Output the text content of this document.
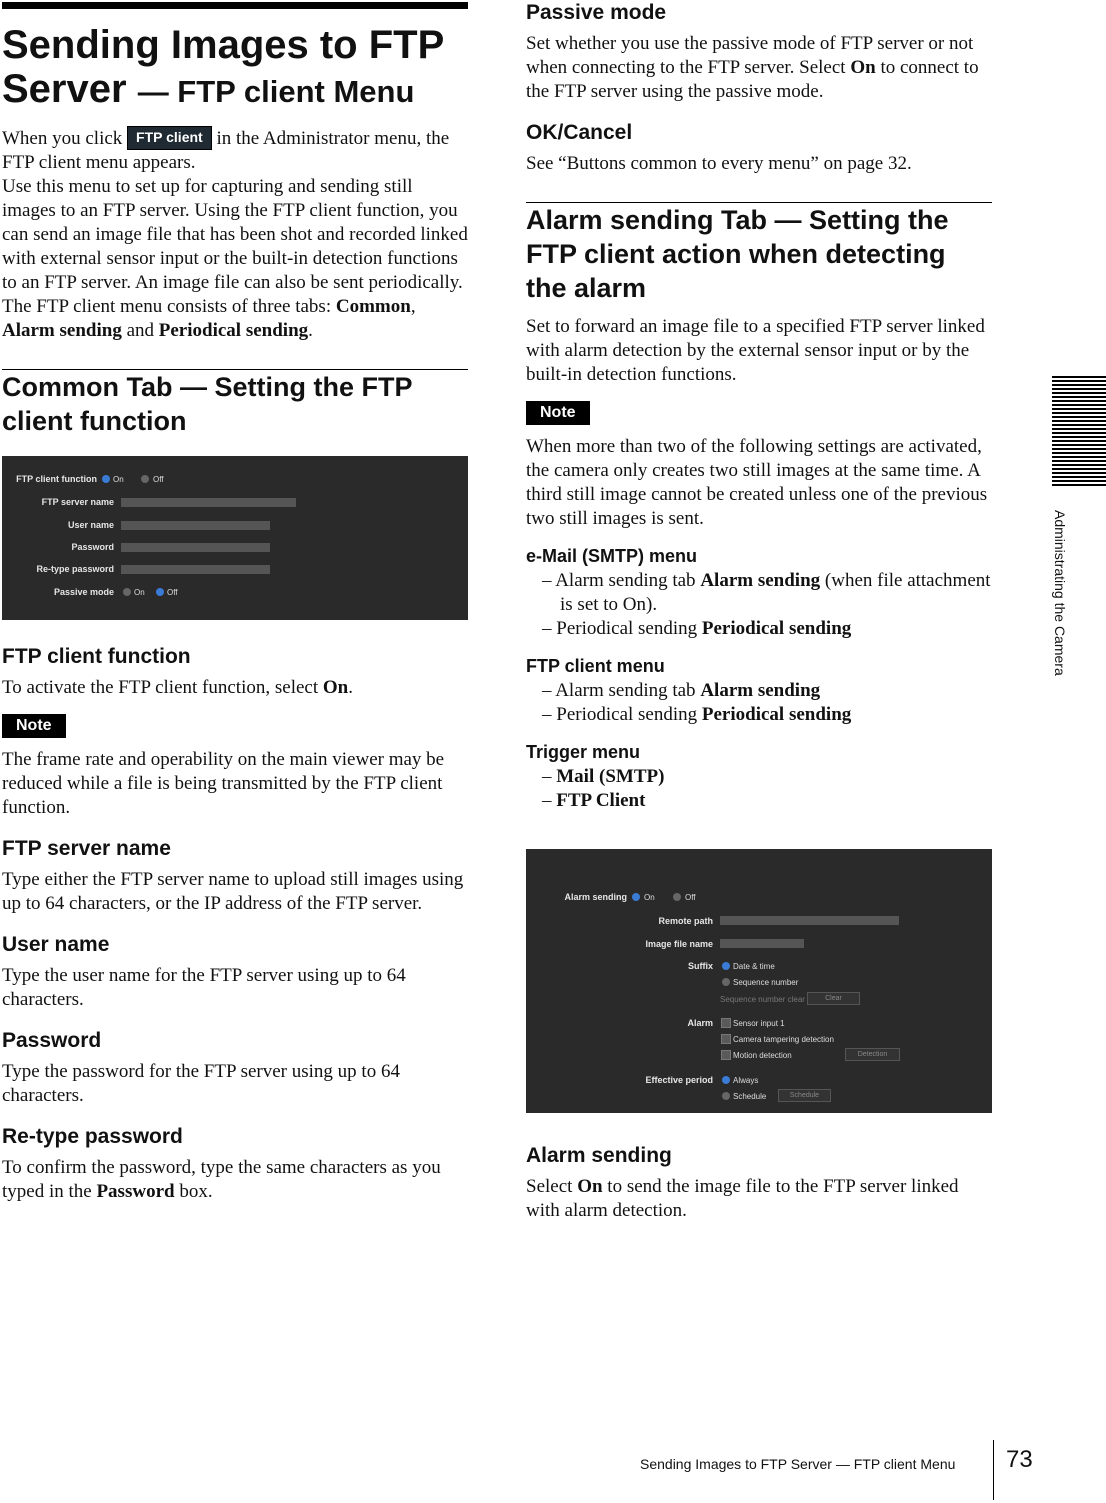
Sending Images to FTP Server — FTP client Menu

When you click FTP client in the Administrator menu, the FTP client menu appears.

Use this menu to set up for capturing and sending still images to an FTP server. Using the FTP client function, you can send an image file that has been shot and recorded linked with external sensor input or the built-in detection functions to an FTP server. An image file can also be sent periodically.

The FTP client menu consists of three tabs: Common, Alarm sending and Periodical sending.

Common Tab — Setting the FTP client function
FTP client function On	Off
FTP server name
User name
Password
Re-type password
Passive mode	On	Off
FTP client function

To activate the FTP client function, select On.

Note

The frame rate and operability on the main viewer may be reduced while a file is being transmitted by the FTP client function.

FTP server name

Type either the FTP server name to upload still images using up to 64 characters, or the IP address of the FTP server.

User name

Type the user name for the FTP server using up to 64 characters.

Password

Type the password for the FTP server using up to 64 characters.

Re-type password

To confirm the password, type the same characters as you typed in the Password box.

Passive mode

Set whether you use the passive mode of FTP server or not when connecting to the FTP server. Select On to connect to the FTP server using the passive mode.

OK/Cancel

See “Buttons common to every menu” on page 32.

Alarm sending Tab — Setting the FTP client action when detecting the alarm

Set to forward an image file to a specified FTP server linked with alarm detection by the external sensor input or by the built-in detection functions.

Note

When more than two of the following settings are activated, the camera only creates two still images at the same time. A third still image cannot be created unless one of the previous two still images is sent.

e-Mail (SMTP) menu
– Alarm sending tab Alarm sending (when file attachment is set to On).
– Periodical sending Periodical sending
FTP client menu
– Alarm sending tab Alarm sending
– Periodical sending Periodical sending
Trigger menu
– Mail (SMTP)
– FTP Client
Alarm sending On	Off
Remote path
Image file name
Suffix	Date & time
Sequence number
Sequence number clear	Clear
Alarm	Sensor input 1
Camera tampering detection
Motion detection	Detection
Effective period	Always
Schedule	Schedule
Alarm sending

Select On to send the image file to the FTP server linked with alarm detection.

Administrating the Camera
Sending Images to FTP Server — FTP client Menu 73
